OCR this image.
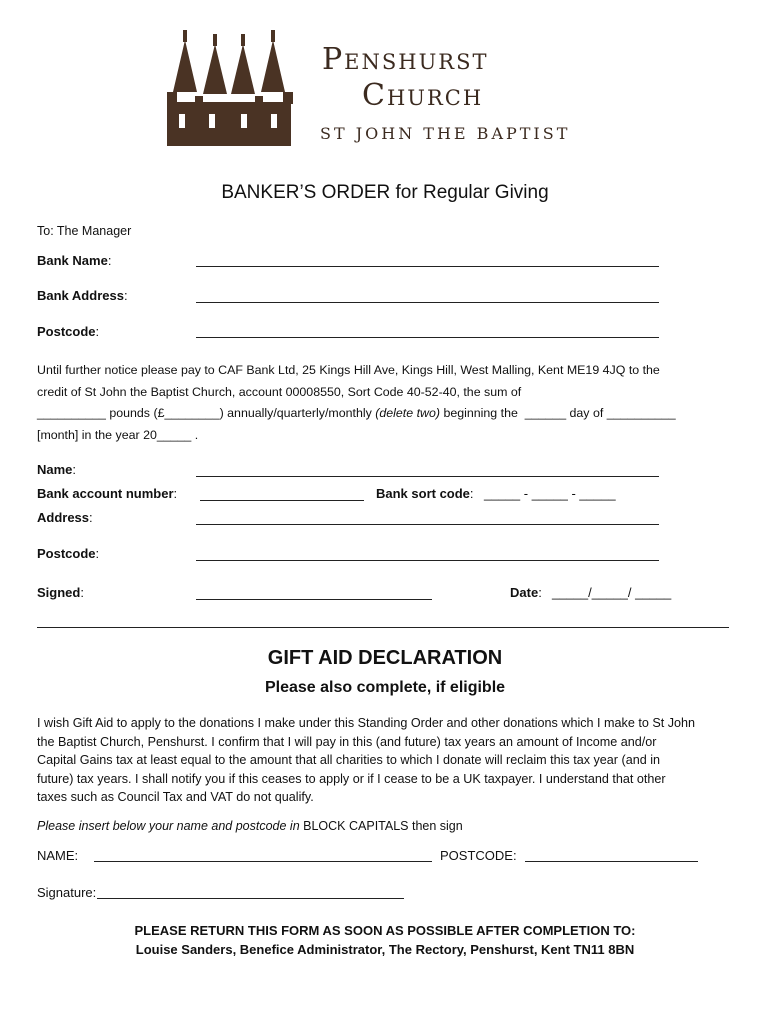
Penshurst
Church
ST JOHN THE BAPTIST
BANKER’S ORDER for Regular Giving
To: The Manager
Bank Name:
Bank Address:
Postcode:
Until further notice please pay to CAF Bank Ltd, 25 Kings Hill Ave, Kings Hill, West Malling, Kent ME19 4JQ to the
credit of St John the Baptist Church, account 00008550, Sort Code 40-52-40, the sum of
__________ pounds (£________) annually/quarterly/monthly (delete two) beginning the  ______ day of __________
[month] in the year 20_____ .
Name:
Bank account number:	Bank sort code: _____ - _____ - _____
Address:
Postcode:
Signed:	Date: _____/_____/ _____
GIFT AID DECLARATION
Please also complete, if eligible
I wish Gift Aid to apply to the donations I make under this Standing Order and other donations which I make to St John
the Baptist Church, Penshurst. I confirm that I will pay in this (and future) tax years an amount of Income and/or
Capital Gains tax at least equal to the amount that all charities to which I donate will reclaim this tax year (and in
future) tax years. I shall notify you if this ceases to apply or if I cease to be a UK taxpayer. I understand that other
taxes such as Council Tax and VAT do not qualify.
Please insert below your name and postcode in BLOCK CAPITALS then sign
NAME:	POSTCODE:
Signature:
PLEASE RETURN THIS FORM AS SOON AS POSSIBLE AFTER COMPLETION TO:
Louise Sanders, Benefice Administrator, The Rectory, Penshurst, Kent TN11 8BN
